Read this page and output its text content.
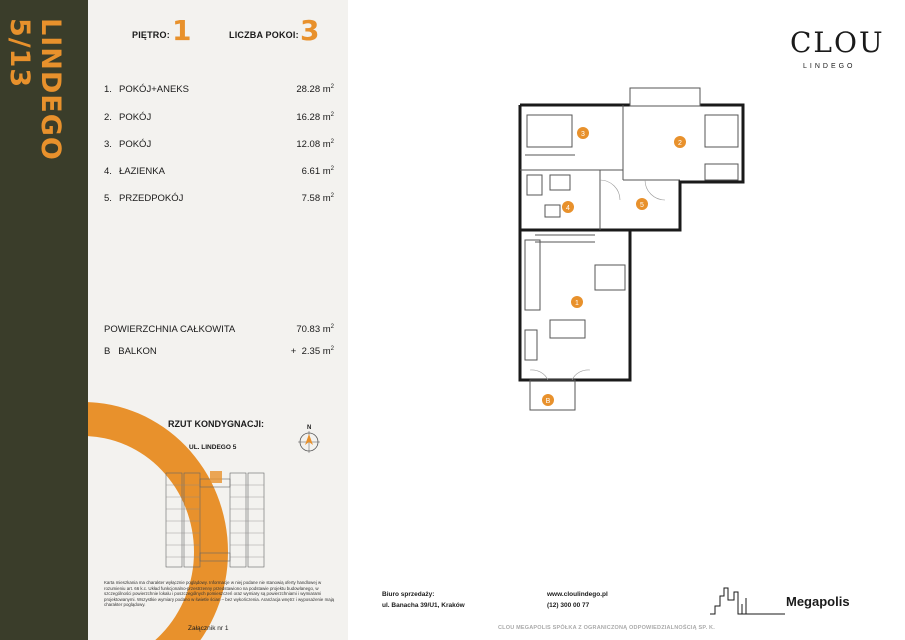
LINDEGO 5/13	PIĘTRO: 1	LICZBA POKOI: 3
1. POKÓJ+ANEKS	28.28 $m^2$
2. POKÓJ	16.28 $m^2$
3. POKÓJ	12.08 $m^2$
4. ŁAZIENKA	6.61 $m^2$
5. PRZEDPOKÓJ	7.58 $m^2$
POWIERZCHNIA CAŁKOWITA	70.83 $m^2$
B   BALKON	+  2.35 $m^2$
RZUT KONDYGNACJI:
UL. LINDEGO 5
N
Karta mieszkania ma charakter wyłącznie poglądowy. Informacje w niej podane nie stanowią oferty handlowej w rozumieniu art. 66 k.c. Układ funkcjonalno-przestrzenny przedstawiono na podstawie projektu budowlanego, w szczególności powierzchnie lokalu i poszczególnych pomieszczeń oraz wymiary są powierzchniami i wymiarami projektowanymi. Wszystkie wymiary podano w świetle ścian – bez wykończenia. Aranżacja wnętrz i wyposażenie mają charakter poglądowy.
Załącznik nr 1
CLOU
LINDEGO
1
2
3
4	5
B
Biuro sprzedaży:
ul. Banacha 39/U1, Kraków
www.cloulindego.pl
(12) 300 00 77	Megapolis
CLOU MEGAPOLIS SPÓŁKA Z OGRANICZONĄ ODPOWIEDZIALNOŚCIĄ SP. K.
